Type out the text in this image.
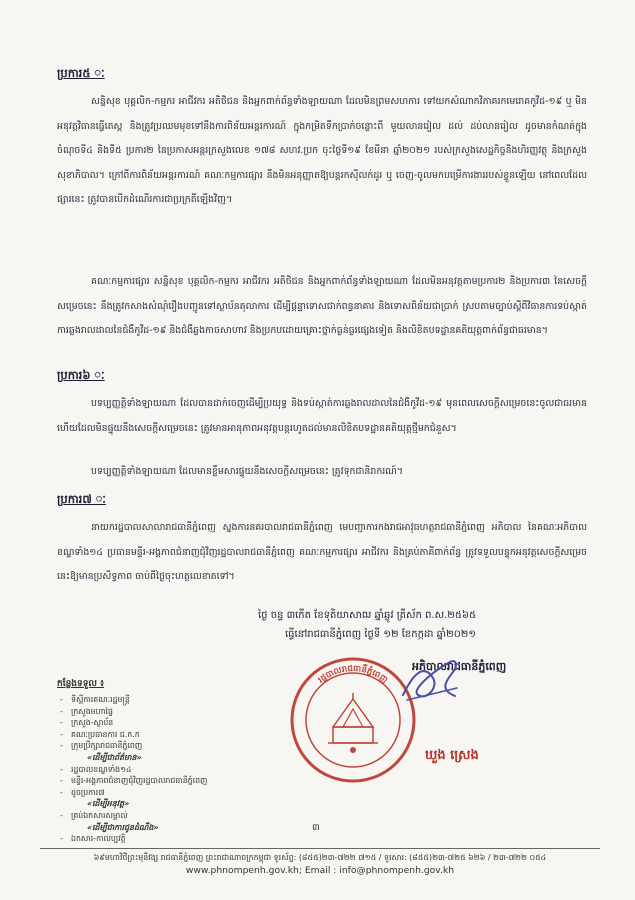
ប្រការ៥ ៈ
សន្និសុខ បុគ្គលិក-កម្មករ អាជីវករ អតិថិជន និងអ្នកពាក់ព័ន្ធទាំងឡាយណា ដែលមិនព្រមសហការ ទៅយកសំណាកវិភាគរកមេរោគកូវីដ-១៩ ឬ មិនអនុវត្តវិធានធ្វើតេស្ត និងត្រូវប្រឈមមុខទៅនឹងការពិន័យអន្តរការណ៍ ក្នុងកម្រិតទឹកប្រាក់ចន្លោះពី មួយលានរៀល ដល់ ដប់លានរៀល ដូចមានកំណត់ក្នុងចំណុចទី៤ និងទី៥ ប្រការ២ នៃប្រកាសអន្តរក្រសួងលេខ ១៧៨ សហវ.ប្រក ចុះថ្ងៃទី១៩ ខែមីនា ឆ្នាំ២០២១ របស់ក្រសួងសេដ្ឋកិច្ចនិងហិរញ្ញវត្ថុ និងក្រសួងសុខាភិបាល។ ក្រៅពីការពិន័យអន្តរការណ៍ គណៈកម្មការផ្សារ នឹងមិនអនុញ្ញាតឱ្យបន្តរកស៊ីលក់ដូរ ឬ ចេញ-ចូលមកបម្រើការងាររបស់ខ្លួនឡើយ នៅពេលដែលផ្សារនេះ ត្រូវបានបើកដំណើរការជាប្រក្រតីឡើងវិញ។
គណៈកម្មការផ្សារ សន្និសុខ បុគ្គលិក-កម្មករ អាជីវករ អតិថិជន និងអ្នកពាក់ព័ន្ធទាំងឡាយណា ដែលមិនអនុវត្តតាមប្រការ២ និងប្រការ៣ នៃសេចក្តីសម្រេចនេះ នឹងត្រូវកសាងសំណុំរឿងបញ្ជូនទៅស្ថាប័នតុលាការ ដើម្បីផ្តន្ទាទោសជាក់ពន្ធនាគារ និងទោសពិន័យជាប្រាក់ ស្របតាមច្បាប់ស្តីពីវិធានការទប់ស្កាត់ការឆ្លងរាលដាលនៃជំងឺកូវីដ-១៩ និងជំងឺឆ្លងកាចសាហាវ និងប្រកបដោយគ្រោះថ្នាក់ធ្ងន់ធ្ងរផ្សេងទៀត និងលិខិតបទដ្ឋានគតិយុត្តពាក់ព័ន្ធជាធរមាន។
ប្រការ៦ ៈ
បទប្បញ្ញត្តិទាំងឡាយណា ដែលបានដាក់ចេញដើម្បីប្រយុទ្ធ និងទប់ស្កាត់ការឆ្លងរាលដាលនៃជំងឺកូវីដ-១៩ មុនពេលសេចក្តីសម្រេចនេះចូលជាធរមាន ហើយដែលមិនផ្ទុយនឹងសេចក្តីសម្រេចនេះ ត្រូវមានអានុភាពអនុវត្តបន្តរហូតដល់មានលិខិតបទដ្ឋានគតិយុត្តថ្មីមកជំនួស។
បទប្បញ្ញត្តិទាំងឡាយណា ដែលមានខ្លឹមសារផ្ទុយនឹងសេចក្តីសម្រេចនេះ ត្រូវទុកជានិរាករណ៍។
ប្រការ៧ ៈ
នាយករដ្ឋបាលសាលារាជធានីភ្នំពេញ ស្នងការនគរបាលរាជធានីភ្នំពេញ មេបញ្ជាការកងរាជអាវុធហត្ថរាជធានីភ្នំពេញ អភិបាល នៃគណៈអភិបាលខណ្ឌទាំង១៤ ប្រធានមន្ទីរ-អង្គភាពជំនាញជុំវិញរដ្ឋបាលរាជធានីភ្នំពេញ គណៈកម្មការផ្សារ អាជីវករ និងគ្រប់ភាគីពាក់ព័ន្ធ ត្រូវទទួលបន្ទុកអនុវត្តសេចក្តីសម្រេចនេះឱ្យមានប្រសិទ្ធភាព ចាប់ពីថ្ងៃចុះហត្ថលេខាតទៅ។
ថ្ងៃ ចន្ទ ៣កើត ខែទុតិយាសាឍ ឆ្នាំឆ្លូវ ត្រីស័ក ព.ស.២៥៦៥
ធ្វើនៅរាជធានីភ្នំពេញ ថ្ងៃទី ១២ ខែកក្កដា ឆ្នាំ២០២១
កន្លែងទទួល ៖
- ទីស្តីការគណៈរដ្ឋមន្ត្រី
- ក្រសួងមហាផ្ទៃ
- ក្រសួង-ស្ថាប័ន
- គណៈប្រធានការ ជ.ក.ក
- ក្រុមប្រឹក្សារាជធានីភ្នំពេញ
«ដើម្បីជាព័ត៌មាន»
- រដ្ឋបាលខណ្ឌទាំង១៤
- មន្ទីរ-អង្គភាពជំនាញជុំវិញរដ្ឋបាលរាជធានីភ្នំពេញ
- ដូចប្រការ៧
«ដើម្បីអនុវត្ត»
- គ្រប់ឯកសារសម្គាល់
«ដើម្បីជាការជូនដំណឹង»
- ឯកសារ-កាលប្បវត្តិ
រដ្ឋបាលរាជធានីភ្នំពេញ
អភិបាលរាជធានីភ្នំពេញ
ឃួង ស្រេង
៣
៦៩មហាវិថីព្រះមុនីវង្ស រាជធានីភ្នំពេញ ព្រះរាជាណាចក្រកម្ពុជា ទូរស័ព្ទ: (៨៥៥)២៣-៧២២ ៧១៥ / ទូរសារ: (៨៥៥)២៣-៧២៥ ៦២៦ / ២៣-៧២២ ០៥៤
www.phnompenh.gov.kh; Email : info@phnompenh.gov.kh
